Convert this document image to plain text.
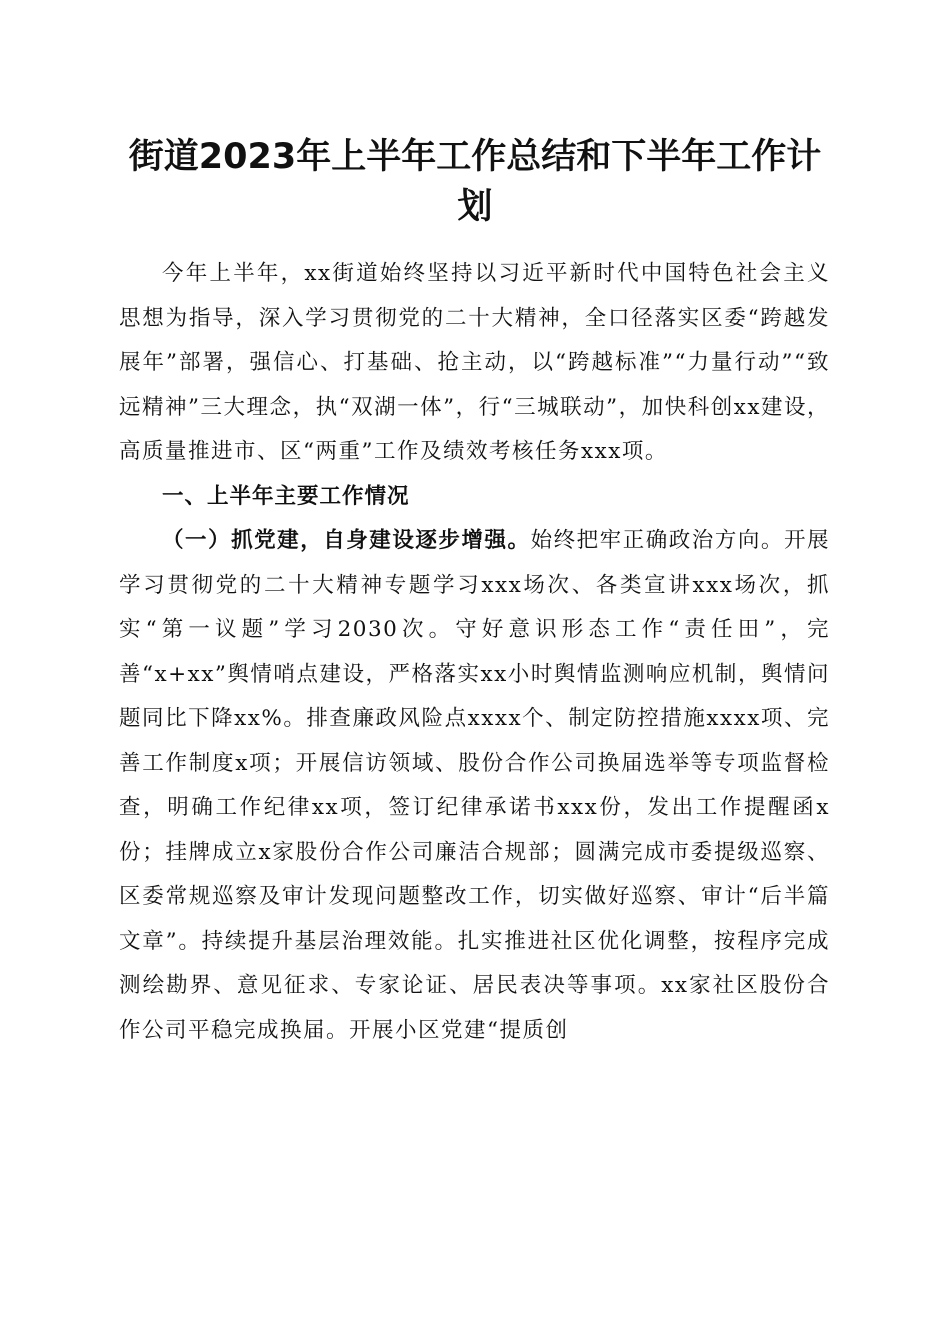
街道2023年上半年工作总结和下半年工作计划

今年上半年，xx街道始终坚持以习近平新时代中国特色社会主义思想为指导，深入学习贯彻党的二十大精神，全口径落实区委“跨越发展年”部署，强信心、打基础、抢主动，以“跨越标准”“力量行动”“致远精神”三大理念，执“双湖一体”，行“三城联动”，加快科创xx建设，高质量推进市、区“两重”工作及绩效考核任务xxx项。

一、上半年主要工作情况

（一）抓党建，自身建设逐步增强。始终把牢正确政治方向。开展学习贯彻党的二十大精神专题学习xxx场次、各类宣讲xxx场次，抓实“第一议题”学习2030次。守好意识形态工作“责任田”，完善“x+xx”舆情哨点建设，严格落实xx小时舆情监测响应机制，舆情问题同比下降xx%。排查廉政风险点xxxx个、制定防控措施xxxx项、完善工作制度x项；开展信访领域、股份合作公司换届选举等专项监督检查，明确工作纪律xx项，签订纪律承诺书xxx份，发出工作提醒函x份；挂牌成立x家股份合作公司廉洁合规部；圆满完成市委提级巡察、区委常规巡察及审计发现问题整改工作，切实做好巡察、审计“后半篇文章”。持续提升基层治理效能。扎实推进社区优化调整，按程序完成测绘勘界、意见征求、专家论证、居民表决等事项。xx家社区股份合作公司平稳完成换届。开展小区党建“提质创
